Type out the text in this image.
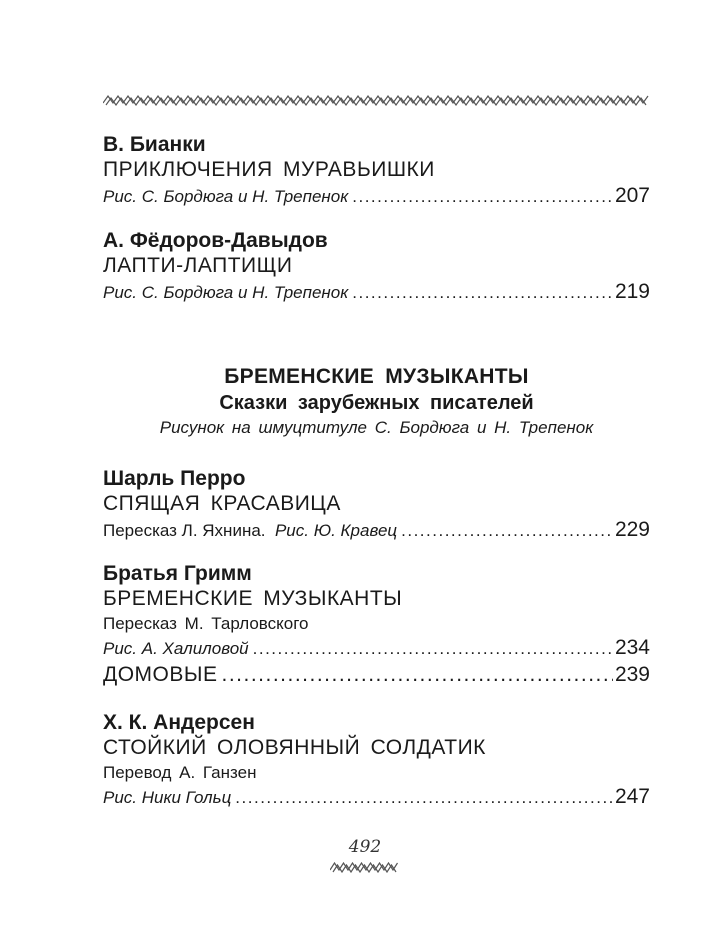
В. Бианки
ПРИКЛЮЧЕНИЯ МУРАВЬИШКИ
Рис. С. Бордюга и Н. Трепенок .....	207
А. Фёдоров-Давыдов
ЛАПТИ-ЛАПТИЩИ
Рис. С. Бордюга и Н. Трепенок .....	219
БРЕМЕНСКИЕ МУЗЫКАНТЫ
Сказки зарубежных писателей
Рисунок на шмуцтитуле С. Бордюга и Н. Трепенок
Шарль Перро
СПЯЩАЯ КРАСАВИЦА
Пересказ Л. Яхнина. Рис. Ю. Кравец .....	229
Братья Гримм
БРЕМЕНСКИЕ МУЗЫКАНТЫ
Пересказ М. Тарловского
Рис. А. Халиловой .....	234
ДОМОВЫЕ .....	239
Х. К. Андерсен
СТОЙКИЙ ОЛОВЯННЫЙ СОЛДАТИК
Перевод А. Ганзен
Рис. Ники Гольц .....	247
492
